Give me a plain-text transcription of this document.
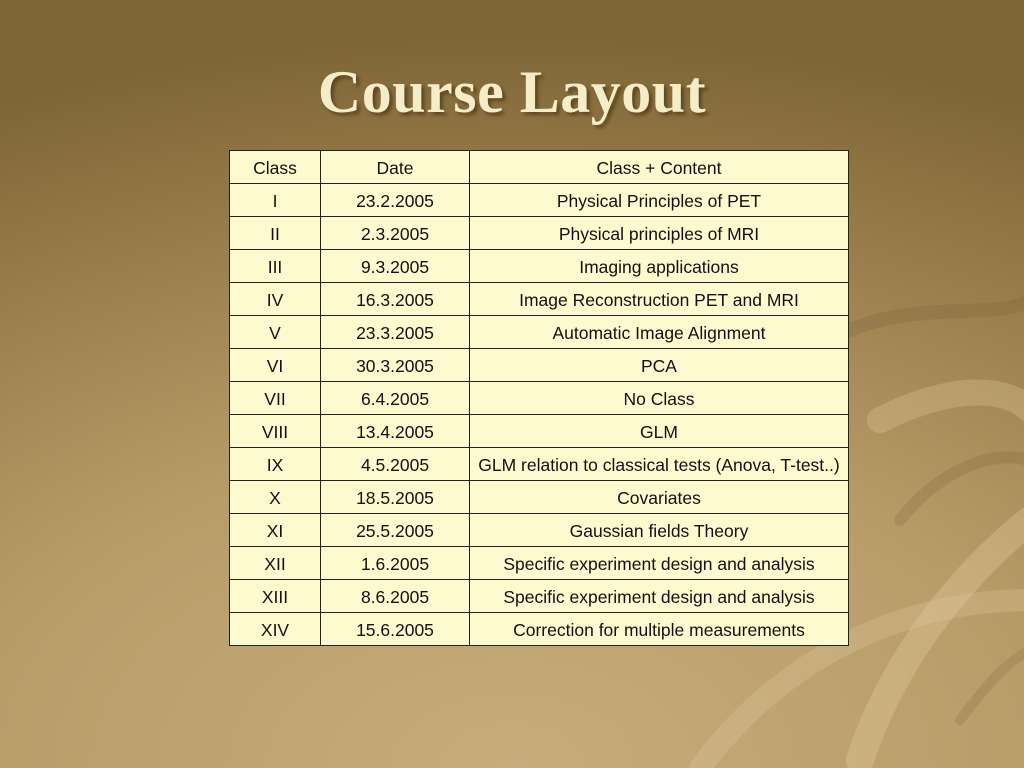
Course Layout
Class	Date	Class + Content
I	23.2.2005	Physical Principles of PET
II	2.3.2005	Physical principles of MRI
III	9.3.2005	Imaging applications
IV	16.3.2005	Image Reconstruction PET and MRI
V	23.3.2005	Automatic Image Alignment
VI	30.3.2005	PCA
VII	6.4.2005	No Class
VIII	13.4.2005	GLM
IX	4.5.2005	GLM relation to classical tests (Anova, T-test..)
X	18.5.2005	Covariates
XI	25.5.2005	Gaussian fields Theory
XII	1.6.2005	Specific experiment design and analysis
XIII	8.6.2005	Specific experiment design and analysis
XIV	15.6.2005	Correction for multiple measurements
